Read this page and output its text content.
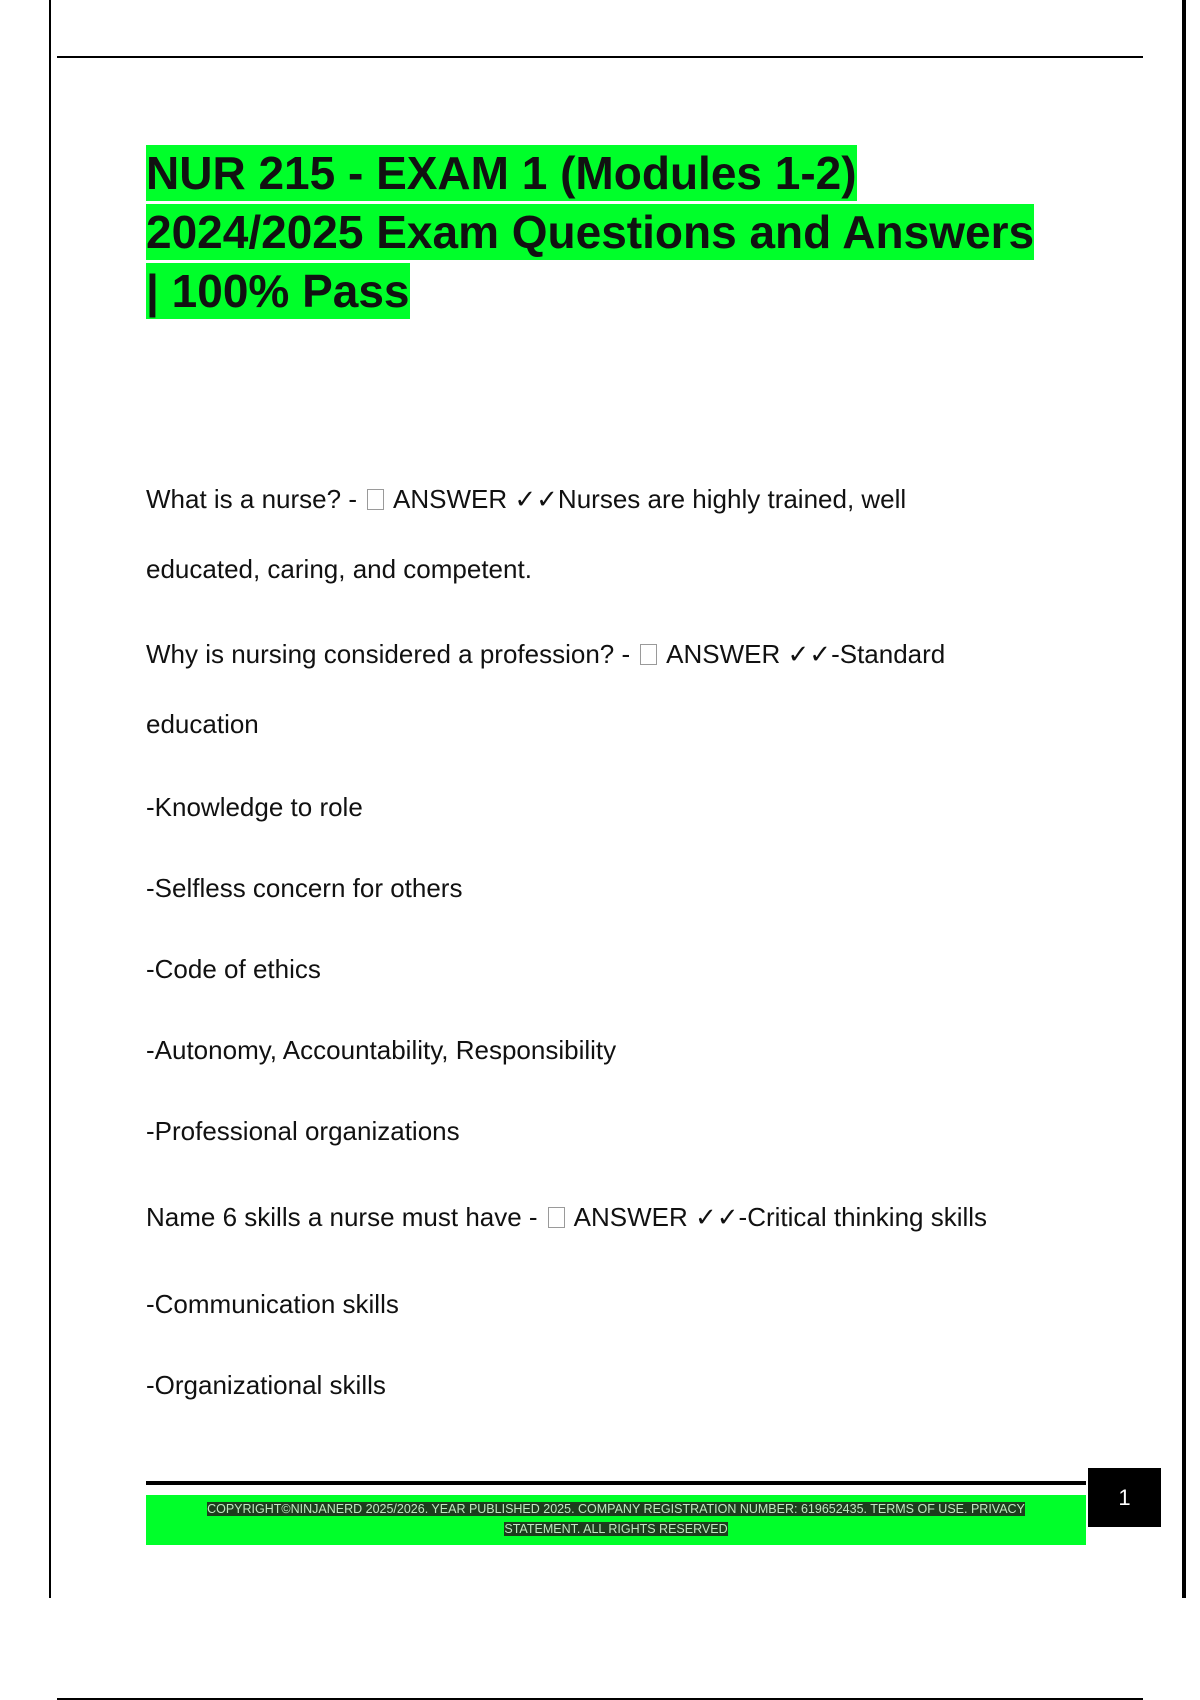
NUR 215 - EXAM 1 (Modules 1-2)
2024/2025 Exam Questions and Answers
| 100% Pass
What is a nurse? - ANSWER ✓✓Nurses are highly trained, well
educated, caring, and competent.
Why is nursing considered a profession? - ANSWER ✓✓-Standard
education
-Knowledge to role
-Selfless concern for others
-Code of ethics
-Autonomy, Accountability, Responsibility
-Professional organizations
Name 6 skills a nurse must have - ANSWER ✓✓-Critical thinking skills
-Communication skills
-Organizational skills
COPYRIGHT©NINJANERD 2025/2026. YEAR PUBLISHED 2025. COMPANY REGISTRATION NUMBER: 619652435. TERMS OF USE. PRIVACY
STATEMENT. ALL RIGHTS RESERVED
1
